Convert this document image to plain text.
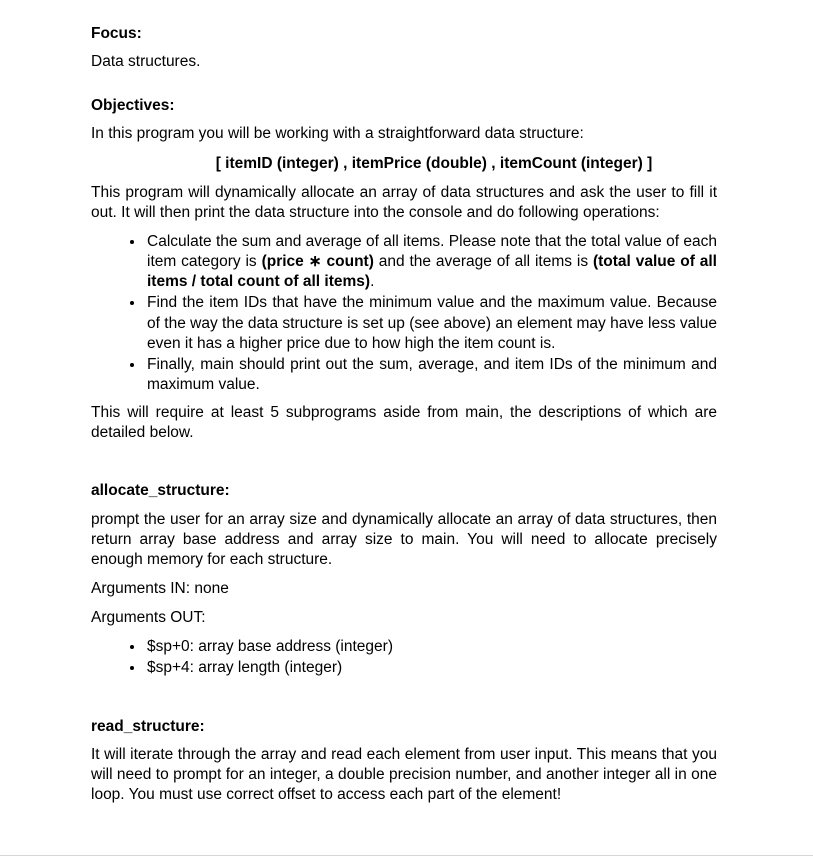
Focus:

Data structures.

Objectives:

In this program you will be working with a straightforward data structure:

[ itemID (integer) , itemPrice (double) , itemCount (integer) ]

This program will dynamically allocate an array of data structures and ask the user to fill it out. It will then print the data structure into the console and do following operations:

• Calculate the sum and average of all items. Please note that the total value of each item category is (price ∗ count) and the average of all items is (total value of all items / total count of all items).
• Find the item IDs that have the minimum value and the maximum value. Because of the way the data structure is set up (see above) an element may have less value even it has a higher price due to how high the item count is.
• Finally, main should print out the sum, average, and item IDs of the minimum and maximum value.

This will require at least 5 subprograms aside from main, the descriptions of which are detailed below.

allocate_structure:

prompt the user for an array size and dynamically allocate an array of data structures, then return array base address and array size to main. You will need to allocate precisely enough memory for each structure.

Arguments IN: none

Arguments OUT:

• $sp+0: array base address (integer)
• $sp+4: array length (integer)
read_structure:

It will iterate through the array and read each element from user input. This means that you will need to prompt for an integer, a double precision number, and another integer all in one loop. You must use correct offset to access each part of the element!
